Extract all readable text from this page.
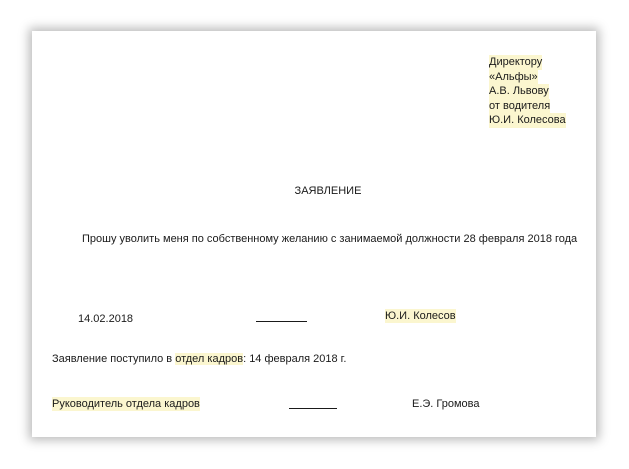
Директору
«Альфы»
А.В. Львову
от водителя
Ю.И. Колесова
ЗАЯВЛЕНИЕ
Прошу уволить меня по собственному желанию с занимаемой должности 28 февраля 2018 года
14.02.2018	Ю.И. Колесов
Заявление поступило в отдел кадров: 14 февраля 2018 г.
Руководитель отдела кадров	Е.Э. Громова
